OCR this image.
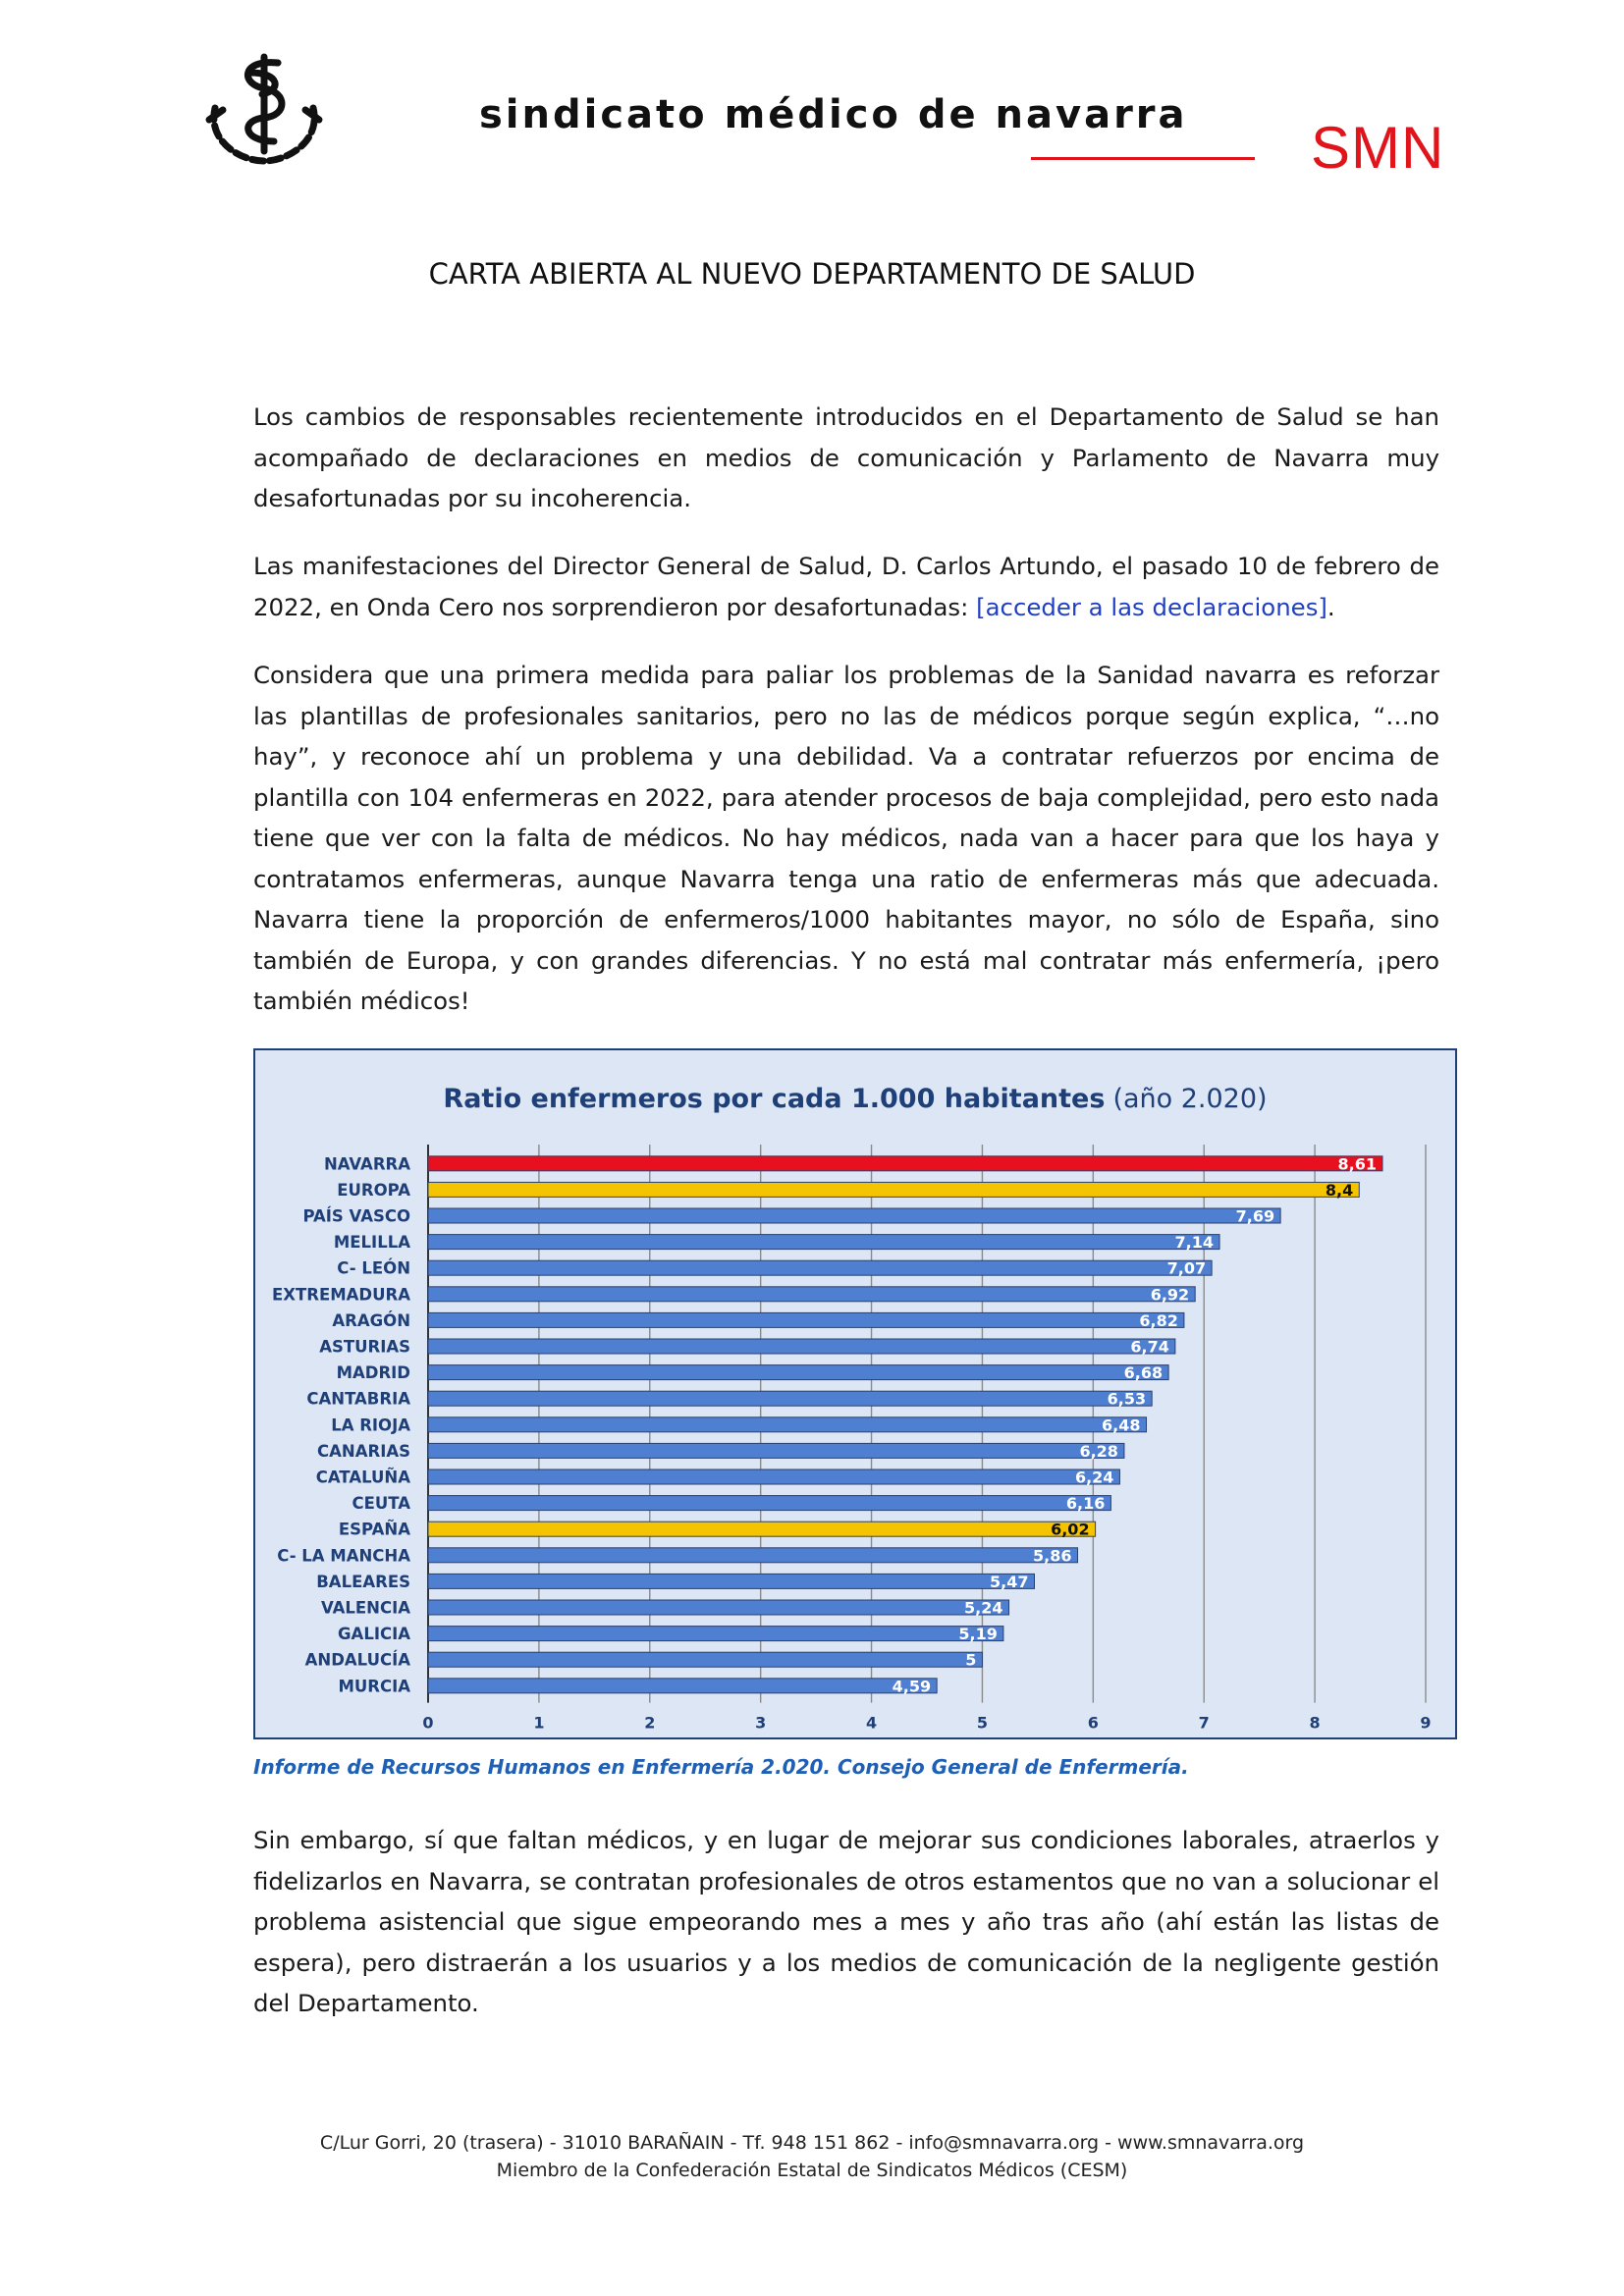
sindicato médico de navarra SMN
CARTA ABIERTA AL NUEVO DEPARTAMENTO DE SALUD
Los cambios de responsables recientemente introducidos en el Departamento de Salud se han acompañado de declaraciones en medios de comunicación y Parlamento de Navarra muy desafortunadas por su incoherencia.
Las manifestaciones del Director General de Salud, D. Carlos Artundo, el pasado 10 de febrero de 2022, en Onda Cero nos sorprendieron por desafortunadas: [acceder a las declaraciones].
Considera que una primera medida para paliar los problemas de la Sanidad navarra es reforzar las plantillas de profesionales sanitarios, pero no las de médicos porque según explica, “…no hay”, y reconoce ahí un problema y una debilidad. Va a contratar refuerzos por encima de plantilla con 104 enfermeras en 2022, para atender procesos de baja complejidad, pero esto nada tiene que ver con la falta de médicos. No hay médicos, nada van a hacer para que los haya y contratamos enfermeras, aunque Navarra tenga una ratio de enfermeras más que adecuada. Navarra tiene la proporción de enfermeros/1000 habitantes mayor, no sólo de España, sino también de Europa, y con grandes diferencias. Y no está mal contratar más enfermería, ¡pero también médicos!
Ratio enfermeros por cada 1.000 habitantes (año 2.020)
8,61
8,4
7,69
7,14
7,07
6,92
6,82
6,74
6,68
6,53
6,48
6,28
6,24
6,16
6,02
5,86
5,47
5,24
5,19
5
4,59
NAVARRA
EUROPA
PAÍS VASCO
MELILLA
C- LEÓN
EXTREMADURA
ARAGÓN
ASTURIAS
MADRID
CANTABRIA
LA RIOJA
CANARIAS
CATALUÑA
CEUTA
ESPAÑA
C- LA MANCHA
BALEARES
VALENCIA
GALICIA
ANDALUCÍA
MURCIA
0	1	2	3	4	5	6	7	8	9
Informe de Recursos Humanos en Enfermería 2.020. Consejo General de Enfermería.
Sin embargo, sí que faltan médicos, y en lugar de mejorar sus condiciones laborales, atraerlos y fidelizarlos en Navarra, se contratan profesionales de otros estamentos que no van a solucionar el problema asistencial que sigue empeorando mes a mes y año tras año (ahí están las listas de espera), pero distraerán a los usuarios y a los medios de comunicación de la negligente gestión del Departamento.
C/Lur Gorri, 20 (trasera) - 31010 BARAÑAIN - Tf. 948 151 862 - info@smnavarra.org - www.smnavarra.org
Miembro de la Confederación Estatal de Sindicatos Médicos (CESM)
